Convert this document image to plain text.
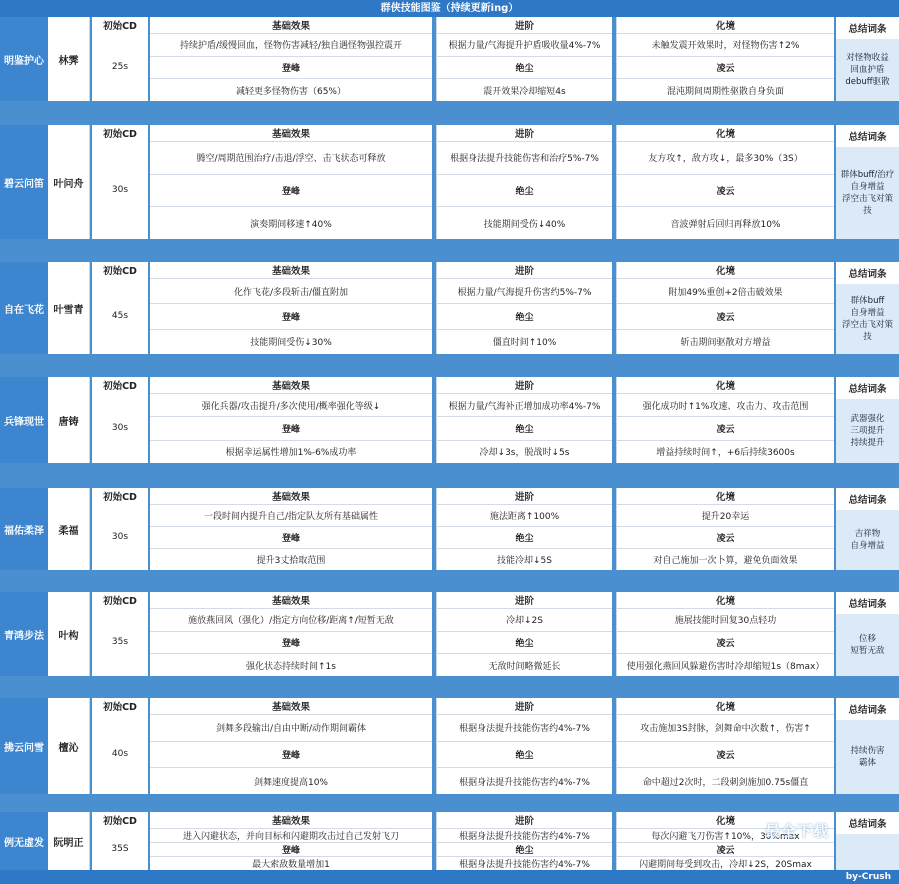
群侠技能图鉴（持续更新ing）
明鉴护心	林霁
初始CD
25s
基础效果	进阶	化境
持续护盾/缓慢回血，怪物伤害减轻/独自遇怪物强控震开	根据力量/气海提升护盾吸收量4%-7%	未触发震开效果时，对怪物伤害↑2%
登峰	绝尘	凌云
减轻更多怪物伤害（65%）	震开效果冷却缩短4s	混沌期间周期性驱散自身负面
总结词条
对怪物收益
回血护盾
debuff驱散
碧云问笛 叶问舟
初始CD
30s
基础效果	进阶	化境
腾空/周期范围治疗/击退/浮空、击飞状态可释放	根据身法提升技能伤害和治疗5%-7%	友方攻↑，敌方攻↓，最多30%（3S）
登峰	绝尘	凌云
演奏期间移速↑40%	技能期间受伤↓40%	音波弹射后回归再释放10%
总结词条
群体buff/治疗
自身增益
浮空击飞对策
技
自在飞花 叶雪青
初始CD
45s
基础效果	进阶	化境
化作飞花/多段斩击/僵直附加	根据力量/气海提升伤害约5%-7%	附加49%重创+2倍击破效果
登峰	绝尘	凌云
技能期间受伤↓30%	僵直时间↑10%	斩击期间驱散对方增益
总结词条
群体buff
自身增益
浮空击飞对策
技
兵锋现世	唐铸
初始CD
30s
基础效果	进阶	化境
强化兵器/攻击提升/多次使用/概率强化等级↓	根据力量/气海补正增加成功率4%-7%	强化成功时↑1%攻速、攻击力、攻击范围
登峰	绝尘	凌云
根据幸运属性增加1%-6%成功率	冷却↓3s，脱战时↓5s	增益持续时间↑，+6后持续3600s
总结词条
武器强化
三项提升
持续提升
福佑柔泽	柔福
初始CD
30s
基础效果	进阶	化境
一段时间内提升自己/指定队友所有基础属性	施法距离↑100%	提升20幸运
登峰	绝尘	凌云
提升3丈拾取范围	技能冷却↓5S	对自己施加一次卜算，避免负面效果
总结词条
吉祥物
自身增益
青鸿步法	叶构
初始CD
35s
基础效果	进阶	化境
施放燕回风（强化）/指定方向位移/距离↑/短暂无敌	冷却↓2S	施展技能时回复30点轻功
登峰	绝尘	凌云
强化状态持续时间↑1s	无敌时间略微延长	使用强化燕回风躲避伤害时冷却缩短1s（8max）
总结词条
位移
短暂无敌
拂云问雪	檀沁
初始CD
40s
基础效果	进阶	化境
剑舞多段输出/自由中断/动作期间霸体	根据身法提升技能伤害约4%-7%	攻击施加3S封脉，剑舞命中次数↑，伤害↑
登峰	绝尘	凌云
剑舞速度提高10%	根据身法提升技能伤害约4%-7%	命中超过2次时，二段刺剑施加0.75s僵直
总结词条
持续伤害
霸体
例无虚发 阮明正
初始CD
35S
基础效果	进阶	化境
进入闪避状态，并向目标和闪避期攻击过自己发射飞刀	根据身法提升技能伤害约4%-7%	每次闪避飞刀伤害↑10%，30%max
登峰	绝尘	凌云
最大索敌数量增加1	根据身法提升技能伤害约4%-7%	闪避期间每受到攻击，冷却↓2S，20Smax
总结词条
最全下载
by-Crush
